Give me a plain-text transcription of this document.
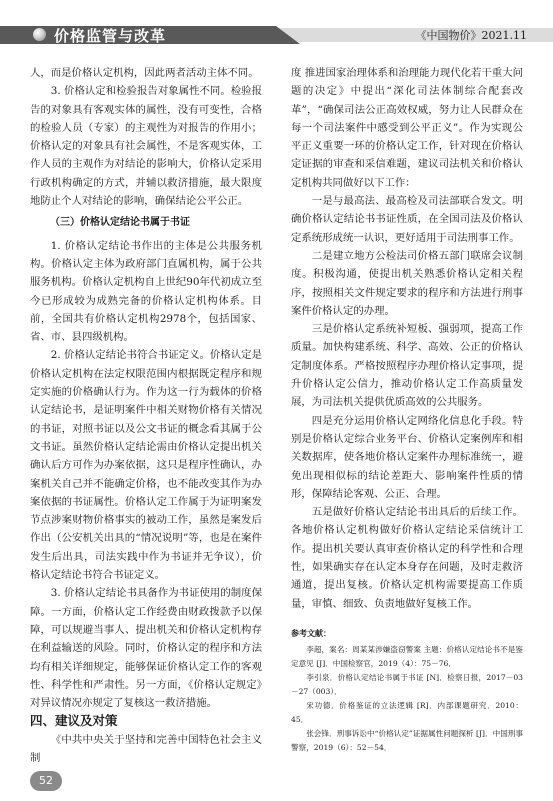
价格监管与改革	《中国物价》2021.11

人，而是价格认定机构，因此两者活动主体不同。

3. 价格认定和检验报告对象属性不同。检验报告的对象具有客观实体的属性，没有可变性，合格的检验人员（专家）的主观性为对报告的作用小；价格认定的对象具有社会属性，不是客观实体，工作人员的主观作为对结论的影响大，价格认定采用行政机构确定的方式，并辅以救济措施，最大限度地防止个人对结论的影响，确保结论公平公正。

（三）价格认定结论书属于书证

1. 价格认定结论书作出的主体是公共服务机构。价格认定主体为政府部门直属机构，属于公共服务机构。价格认定机构自上世纪90年代初成立至今已形成较为成熟完备的价格认定机构体系。目前，全国共有价格认定机构2978个，包括国家、省、市、县四级机构。

2. 价格认定结论书符合书证定义。价格认定是价格认定机构在法定权限范围内根据既定程序和规定实施的价格确认行为。作为这一行为载体的价格认定结论书，是证明案件中相关财物价格有关情况的书证，对照书证以及公文书证的概念看其属于公文书证。虽然价格认定结论需由价格认定提出机关确认后方可作为办案依据，这只是程序性确认，办案机关自己并不能确定价格，也不能改变其作为办案依据的书证属性。价格认定工作属于为证明案发节点涉案财物价格事实的被动工作，虽然是案发后作出（公安机关出具的“情况说明”等，也是在案件发生后出具，司法实践中作为书证并无争议），价格认定结论书符合书证定义。

3. 价格认定结论书具备作为书证使用的制度保障。一方面，价格认定工作经费由财政拨款予以保障，可以规避当事人、提出机关和价格认定机构存在利益输送的风险。同时，价格认定的程序和方法均有相关详细规定，能够保证价格认定工作的客观性、科学性和严肃性。另一方面，《价格认定规定》对异议情况亦规定了复核这一救济措施。

四、建议及对策

《中共中央关于坚持和完善中国特色社会主义制

度 推进国家治理体系和治理能力现代化若干重大问题的决定》中提出“深化司法体制综合配套改革”，“确保司法公正高效权威，努力让人民群众在每一个司法案件中感受到公平正义”。作为实现公平正义重要一环的价格认定工作，针对现在价格认定证据的审查和采信难题，建议司法机关和价格认定机构共同做好以下工作：

一是与最高法、最高检及司法部联合发文。明确价格认定结论书书证性质，在全国司法及价格认定系统形成统一认识，更好适用于司法刑事工作。

二是建立地方公检法司价格五部门联席会议制度。积极沟通，使提出机关熟悉价格认定相关程序，按照相关文件规定要求的程序和方法进行刑事案件价格认定的办理。

三是价格认定系统补短板、强弱项，提高工作质量。加快构建系统、科学、高效、公正的价格认定制度体系。严格按照程序办理价格认定事项，提升价格认定公信力，推动价格认定工作高质量发展，为司法机关提供优质高效的公共服务。

四是充分运用价格认定网络化信息化手段。特别是价格认定综合业务平台、价格认定案例库和相关数据库，使各地价格认定案件办理标准统一，避免出现相似标的结论差距大、影响案件性质的情形，保障结论客观、公正、合理。

五是做好价格认定结论书出具后的后续工作。各地价格认定机构做好价格认定结论采信统计工作。提出机关要认真审查价格认定的科学性和合理性，如果确实存在认定本身存在问题，及时走救济通道，提出复核。价格认定机构需要提高工作质量，审慎、细致、负责地做好复核工作。

参考文献：
李超，案名：周某某涉嫌盗窃警案 主题：价格认定结论书不是鉴定意见 [J]．中国检察官，2019（4）：75－76．
李引泉．价格认定结论书属于书证 [N]．检察日报，2017－03－27（003）．
宋功德．价格鉴证的立法逻辑 [R]．内部课题研究．2010：45．
张会锋．刑事诉讼中“价格认定”证据属性问题探析 [J]．中国刑事警察，2019（6）：52－54．
52
